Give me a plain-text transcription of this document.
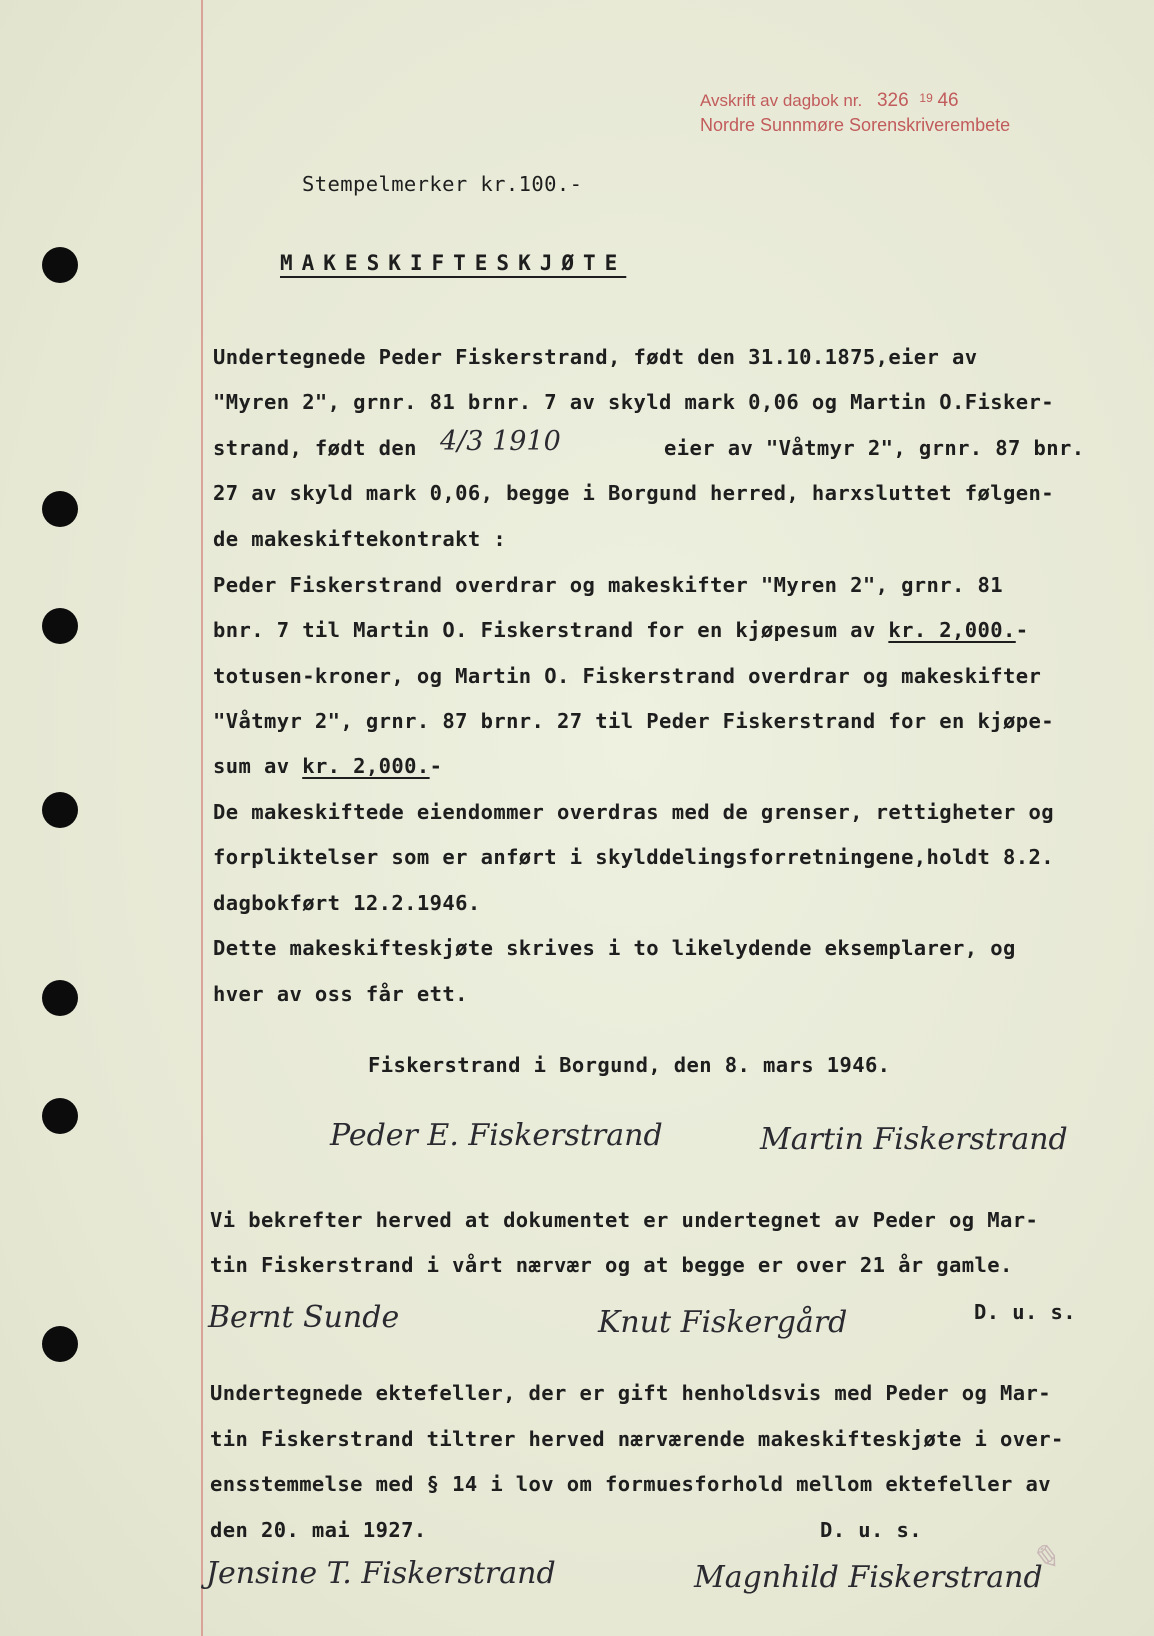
Avskrift av dagbok nr. 326 $^{19}$ 46
Nordre Sunnmøre Sorenskriverembete
Stempelmerker kr.100.-
MAKESKIFTESKJØTE
Undertegnede Peder Fiskerstrand, født den 31.10.1875,eier av
"Myren 2", grnr. 81 brnr. 7 av skyld mark 0,06 og Martin O.Fisker-
strand, født den 4/3 1910	eier av "Våtmyr 2", grnr. 87 bnr.
27 av skyld mark 0,06, begge i Borgund herred, harxsluttet følgen-
de makeskiftekontrakt :
Peder Fiskerstrand overdrar og makeskifter "Myren 2", grnr. 81
bnr. 7 til Martin O. Fiskerstrand for en kjøpesum av kr. 2,000.-
totusen-kroner, og Martin O. Fiskerstrand overdrar og makeskifter
"Våtmyr 2", grnr. 87 brnr. 27 til Peder Fiskerstrand for en kjøpe-
sum av kr. 2,000.-
De makeskiftede eiendommer overdras med de grenser, rettigheter og
forpliktelser som er anført i skylddelingsforretningene,holdt 8.2.
dagbokført 12.2.1946.
Dette makeskifteskjøte skrives i to likelydende eksemplarer, og
hver av oss får ett.
Fiskerstrand i Borgund, den 8. mars 1946.
Peder E. Fiskerstrand	Martin Fiskerstrand
Vi bekrefter herved at dokumentet er undertegnet av Peder og Mar-
tin Fiskerstrand i vårt nærvær og at begge er over 21 år gamle.
Bernt Sunde	Knut Fiskergård	D. u. s.
Undertegnede ektefeller, der er gift henholdsvis med Peder og Mar-
tin Fiskerstrand tiltrer herved nærværende makeskifteskjøte i over-
ensstemmelse med § 14 i lov om formuesforhold mellom ektefeller av
den 20. mai 1927.	D. u. s.
Jensine T. Fiskerstrand	Magnhild Fiskerstrand
✎
